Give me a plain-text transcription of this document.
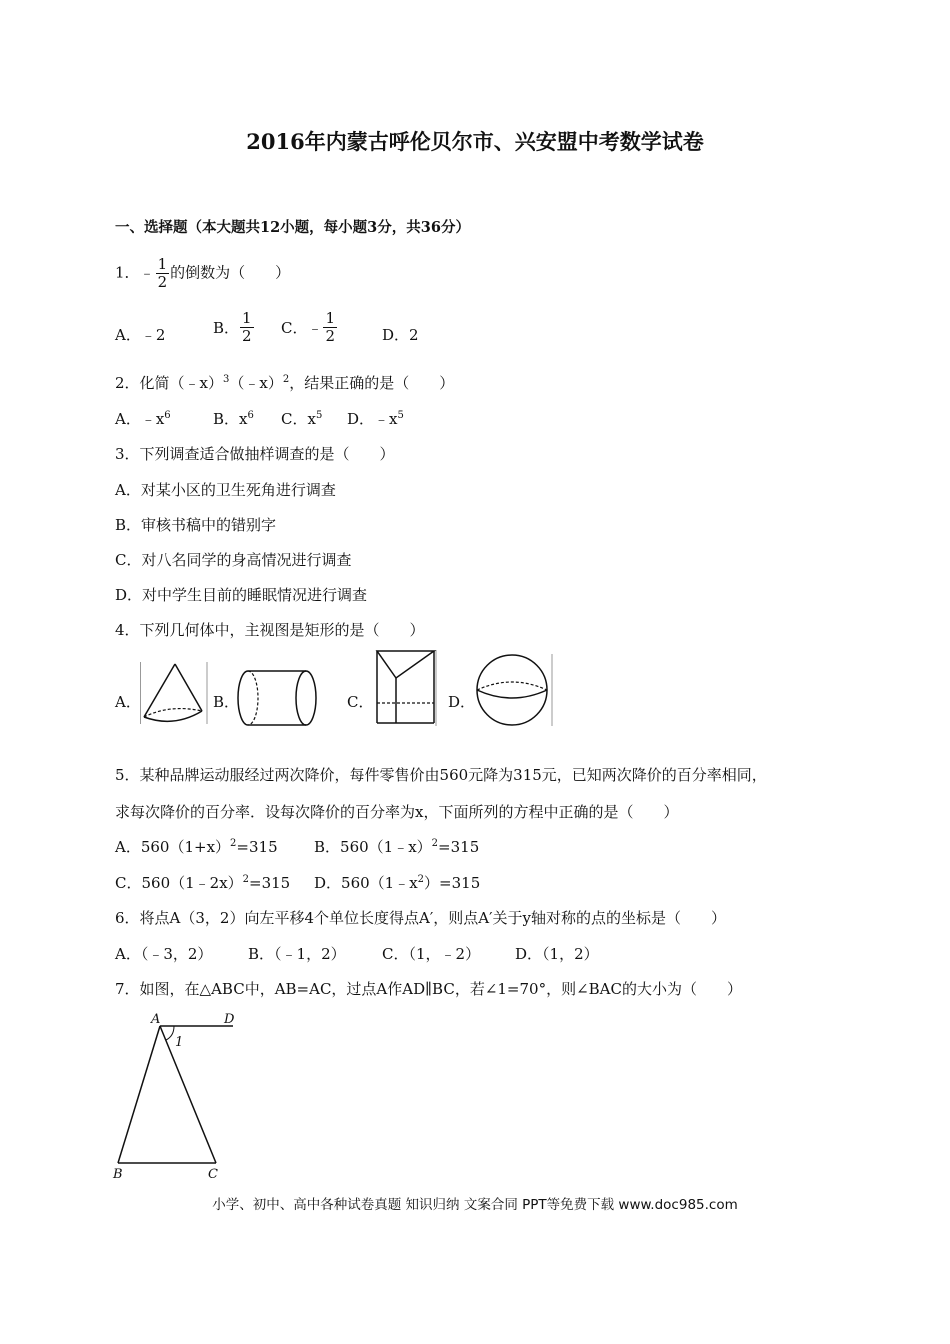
2016年内蒙古呼伦贝尔市、兴安盟中考数学试卷
一、选择题（本大题共12小题，每小题3分，共36分）
1．﹣ $\frac{1}{2}$ 的倒数为（　　）
A．﹣2	B． $\frac{1}{2}$ C．﹣ $\frac{1}{2}$	D．2
2．化简（﹣x）$^3$（﹣x）$^2$，结果正确的是（　　）
A．$﹣x^6$	B．$x^6$ C．$x^5$ D．$﹣x^5$
3．下列调查适合做抽样调查的是（　　）
A．对某小区的卫生死角进行调查
B．审核书稿中的错别字
C．对八名同学的身高情况进行调查
D．对中学生目前的睡眠情况进行调查
4．下列几何体中，主视图是矩形的是（　　）
A．	B．	C．	D．
5．某种品牌运动服经过两次降价，每件零售价由560元降为315元，已知两次降价的百分率相同，
求每次降价的百分率．设每次降价的百分率为x，下面所列的方程中正确的是（　　）
A．$560(1+x)^2=315$ B．560（1﹣x）$^2$=315
C．560（1﹣2x）$^2$=315 D．$560(1﹣x^2)=315$
6．将点A（3，2）向左平移4个单位长度得点A′，则点A′关于y轴对称的点的坐标是（　　）
A．（﹣3，2） B．（﹣1，2） C．（1，﹣2） D．（1，2）
7．如图，在△ABC中，AB=AC，过点A作AD∥BC，若∠1=70°，则∠BAC的大小为（　　）
A	D
1
B	C
小学、初中、高中各种试卷真题 知识归纳 文案合同 PPT等免费下载 www.doc985.com
